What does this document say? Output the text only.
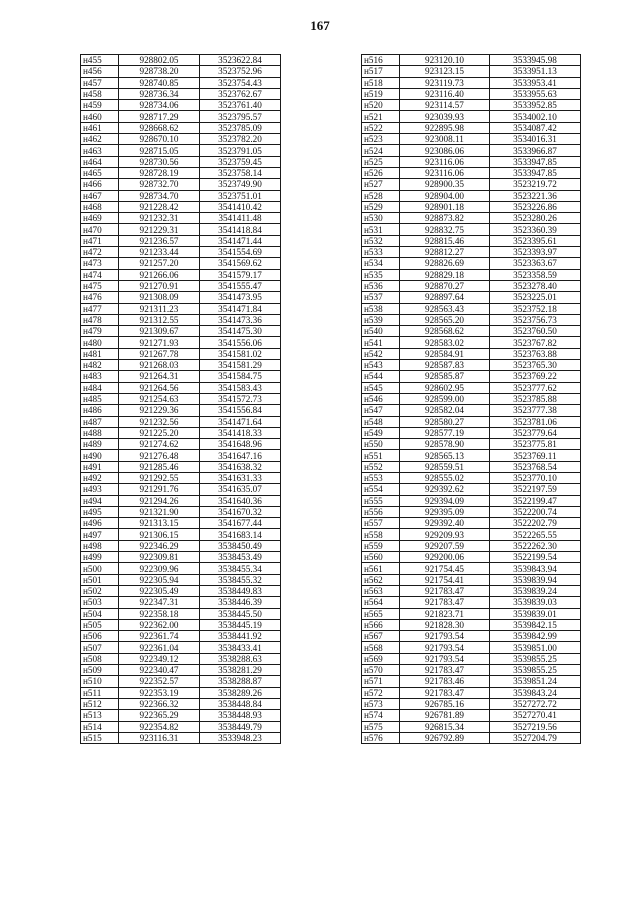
167
н455	928802.05	3523622.84
н456	928738.20	3523752.96
н457	928740.85	3523754.43
н458	928736.34	3523762.67
н459	928734.06	3523761.40
н460	928717.29	3523795.57
н461	928668.62	3523785.09
н462	928670.10	3523782.20
н463	928715.05	3523791.05
н464	928730.56	3523759.45
н465	928728.19	3523758.14
н466	928732.70	3523749.90
н467	928734.70	3523751.01
н468	921228.42	3541410.42
н469	921232.31	3541411.48
н470	921229.31	3541418.84
н471	921236.57	3541471.44
н472	921233.44	3541554.69
н473	921257.20	3541569.62
н474	921266.06	3541579.17
н475	921270.91	3541555.47
н476	921308.09	3541473.95
н477	921311.23	3541471.84
н478	921312.55	3541473.36
н479	921309.67	3541475.30
н480	921271.93	3541556.06
н481	921267.78	3541581.02
н482	921268.03	3541581.29
н483	921264.31	3541584.75
н484	921264.56	3541583.43
н485	921254.63	3541572.73
н486	921229.36	3541556.84
н487	921232.56	3541471.64
н488	921225.20	3541418.33
н489	921274.62	3541648.96
н490	921276.48	3541647.16
н491	921285.46	3541638.32
н492	921292.55	3541631.33
н493	921291.76	3541635.07
н494	921294.26	3541640.36
н495	921321.90	3541670.32
н496	921313.15	3541677.44
н497	921306.15	3541683.14
н498	922346.29	3538450.49
н499	922309.81	3538453.49
н500	922309.96	3538455.34
н501	922305.94	3538455.32
н502	922305.49	3538449.83
н503	922347.31	3538446.39
н504	922358.18	3538445.50
н505	922362.00	3538445.19
н506	922361.74	3538441.92
н507	922361.04	3538433.41
н508	922349.12	3538288.63
н509	922340.47	3538281.29
н510	922352.57	3538288.87
н511	922353.19	3538289.26
н512	922366.32	3538448.84
н513	922365.29	3538448.93
н514	922354.82	3538449.79
н515	923116.31	3533948.23
н516	923120.10	3533945.98
н517	923123.15	3533951.13
н518	923119.73	3533953.41
н519	923116.40	3533955.63
н520	923114.57	3533952.85
н521	923039.93	3534002.10
н522	922895.98	3534087.42
н523	923008.11	3534016.31
н524	923086.06	3533966.87
н525	923116.06	3533947.85
н526	923116.06	3533947.85
н527	928900.35	3523219.72
н528	928904.00	3523221.36
н529	928901.18	3523226.86
н530	928873.82	3523280.26
н531	928832.75	3523360.39
н532	928815.46	3523395.61
н533	928812.27	3523393.97
н534	928826.69	3523363.67
н535	928829.18	3523358.59
н536	928870.27	3523278.40
н537	928897.64	3523225.01
н538	928563.43	3523752.18
н539	928565.20	3523756.73
н540	928568.62	3523760.50
н541	928583.02	3523767.82
н542	928584.91	3523763.88
н543	928587.83	3523765.30
н544	928585.87	3523769.22
н545	928602.95	3523777.62
н546	928599.00	3523785.88
н547	928582.04	3523777.38
н548	928580.27	3523781.06
н549	928577.19	3523779.64
н550	928578.90	3523775.81
н551	928565.13	3523769.11
н552	928559.51	3523768.54
н553	928555.02	3523770.10
н554	929392.62	3522197.59
н555	929394.09	3522199.47
н556	929395.09	3522200.74
н557	929392.40	3522202.79
н558	929209.93	3522265.55
н559	929207.59	3522262.30
н560	929200.06	3522199.54
н561	921754.45	3539843.94
н562	921754.41	3539839.94
н563	921783.47	3539839.24
н564	921783.47	3539839.03
н565	921823.71	3539839.01
н566	921828.30	3539842.15
н567	921793.54	3539842.99
н568	921793.54	3539851.00
н569	921793.54	3539855.25
н570	921783.47	3539855.25
н571	921783.46	3539851.24
н572	921783.47	3539843.24
н573	926785.16	3527272.72
н574	926781.89	3527270.41
н575	926815.34	3527219.56
н576	926792.89	3527204.79
